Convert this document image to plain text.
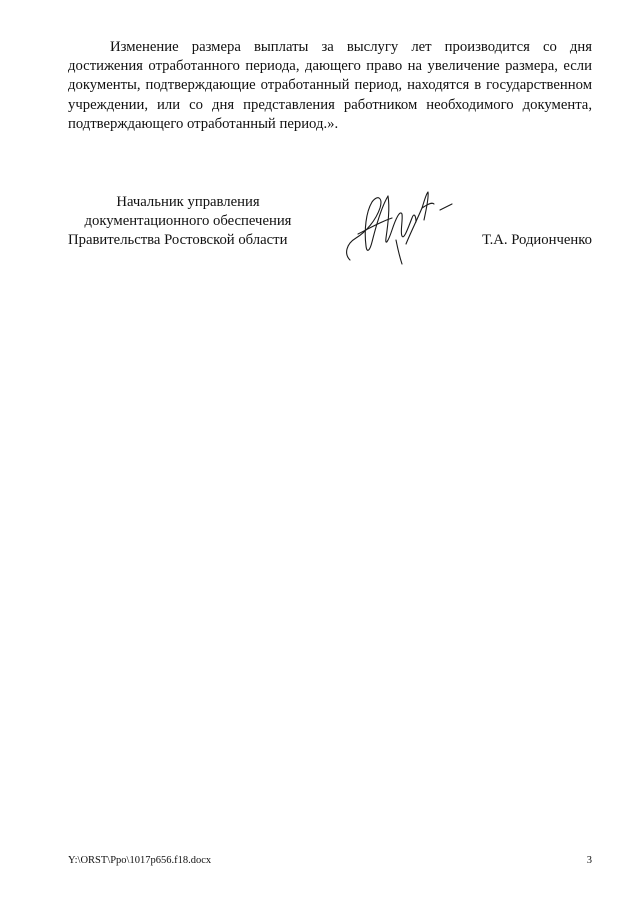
Изменение размера выплаты за выслугу лет производится со дня достижения отработанного периода, дающего право на увеличение размера, если документы, подтверждающие отработанный период, находятся в государственном учреждении, или со дня представления работником необходимого документа, подтверждающего отработанный период.».

Начальник управления
документационного обеспечения
Правительства Ростовской области	Т.А. Родионченко
Y:\ORST\Ppo\1017p656.f18.docx	3
